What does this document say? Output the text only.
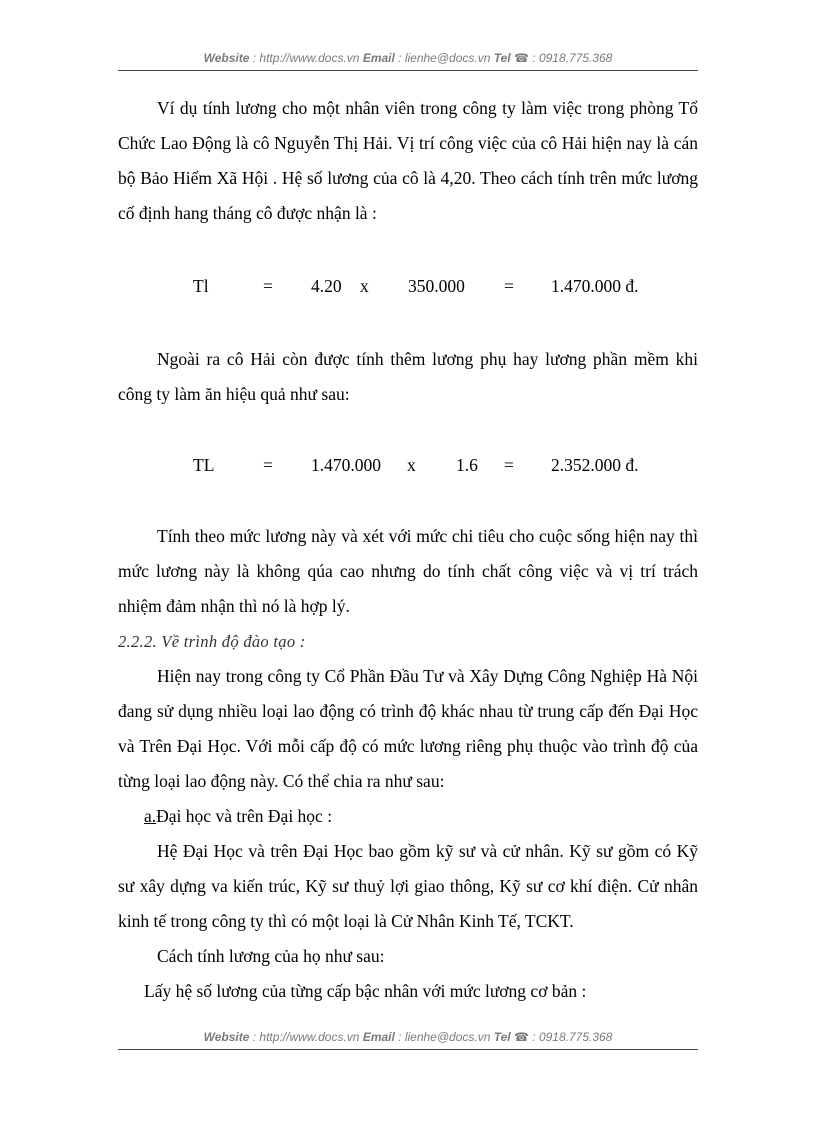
Website : http://www.docs.vn Email : lienhe@docs.vn Tel ☎ : 0918.775.368

Ví dụ tính lương cho một nhân viên trong công ty làm việc trong phòng Tổ Chức Lao Động là cô Nguyễn Thị Hải. Vị trí công việc của cô Hải hiện nay là cán bộ Bảo Hiểm Xã Hội . Hệ số lương của cô là 4,20. Theo cách tính trên mức lương cố định hang tháng cô được nhận là :

Tl	= 4.20 x 350.000 = 1.470.000 đ.

Ngoài ra cô Hải còn được tính thêm lương phụ hay lương phần mềm khi công ty làm ăn hiệu quả như sau:

TL	= 1.470.000 x 1.6 = 2.352.000 đ.

Tính theo mức lương này và xét với mức chi tiêu cho cuộc sống hiện nay thì mức lương này là không qúa cao nhưng do tính chất công việc và vị trí trách nhiệm đảm nhận thì nó là hợp lý.

2.2.2. Về trình độ đào tạo :

Hiện nay trong công ty Cổ Phần Đầu Tư và Xây Dựng Công Nghiệp Hà Nội đang sử dụng nhiều loại lao động có trình độ khác nhau từ trung cấp đến Đại Học và Trên Đại Học. Với mỗi cấp độ có mức lương riêng phụ thuộc vào trình độ của từng loại lao động này. Có thể chia ra như sau:

a.Đại học và trên Đại học :

Hệ Đại Học và trên Đại Học bao gồm kỹ sư và cử nhân. Kỹ sư gồm có Kỹ sư xây dựng va kiến trúc, Kỹ sư thuỷ lợi giao thông, Kỹ sư cơ khí điện. Cử nhân kinh tế trong công ty thì có một loại là Cử Nhân Kinh Tế, TCKT.

Cách tính lương của họ như sau:

Lấy hệ số lương của từng cấp bậc nhân với mức lương cơ bản :

Website : http://www.docs.vn Email : lienhe@docs.vn Tel ☎ : 0918.775.368
